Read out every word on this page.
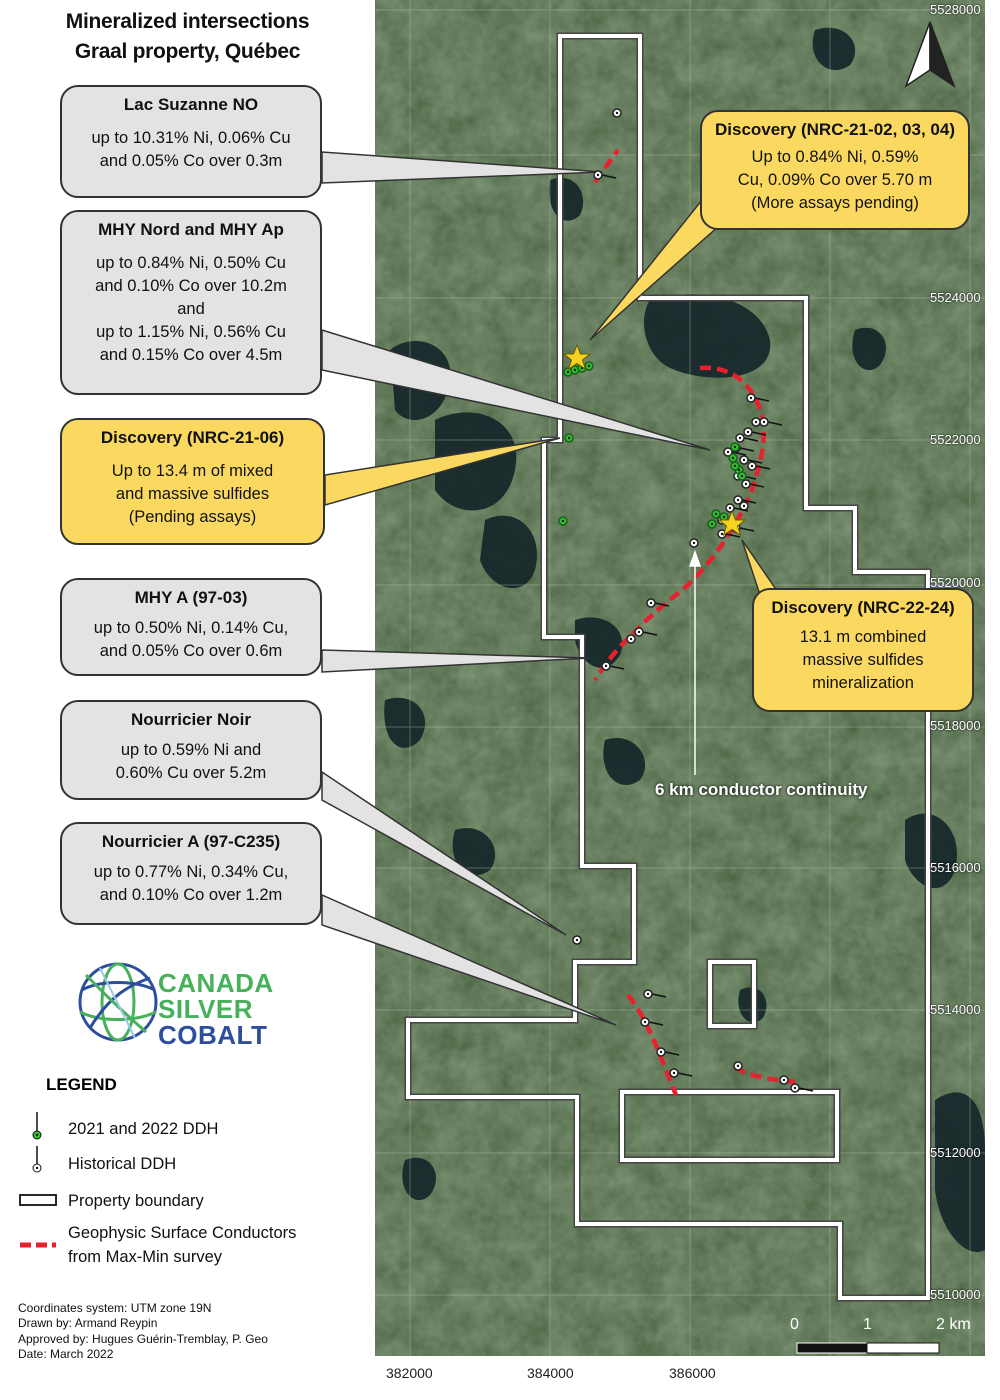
Mineralized intersections
Graal property, Québec
Lac Suzanne NO
up to 10.31% Ni, 0.06% Cu
and 0.05% Co over 0.3m
MHY Nord and MHY Ap
up to 0.84% Ni, 0.50% Cu
and 0.10% Co over 10.2m
and
up to 1.15% Ni, 0.56% Cu
and 0.15% Co over 4.5m
Discovery (NRC-21-06)
Up to 13.4 m of mixed
and massive sulfides
(Pending assays)
MHY A (97-03)
up to 0.50% Ni, 0.14% Cu,
and 0.05% Co over 0.6m
Nourricier Noir
up to 0.59% Ni and
0.60% Cu over 5.2m
Nourricier A (97-C235)
up to 0.77% Ni, 0.34% Cu,
and 0.10% Co over 1.2m
Discovery (NRC-21-02, 03, 04)
Up to 0.84% Ni, 0.59%
Cu, 0.09% Co over 5.70 m
(More assays pending)
Discovery (NRC-22-24)
13.1 m combined
massive sulfides
mineralization
6 km conductor continuity
CANADA
SILVER
COBALT
LEGEND
2021 and 2022 DDH
Historical DDH
Property boundary
Geophysic Surface Conductors
from Max-Min survey
Coordinates system: UTM zone 19N
Drawn by: Armand Reypin
Approved by: Hugues Guérin-Tremblay, P. Geo
Date: March 2022
382000	384000	386000
5528000
5524000
5522000
5520000
5518000
5516000
5514000
5512000
5510000
0	1	2 km
